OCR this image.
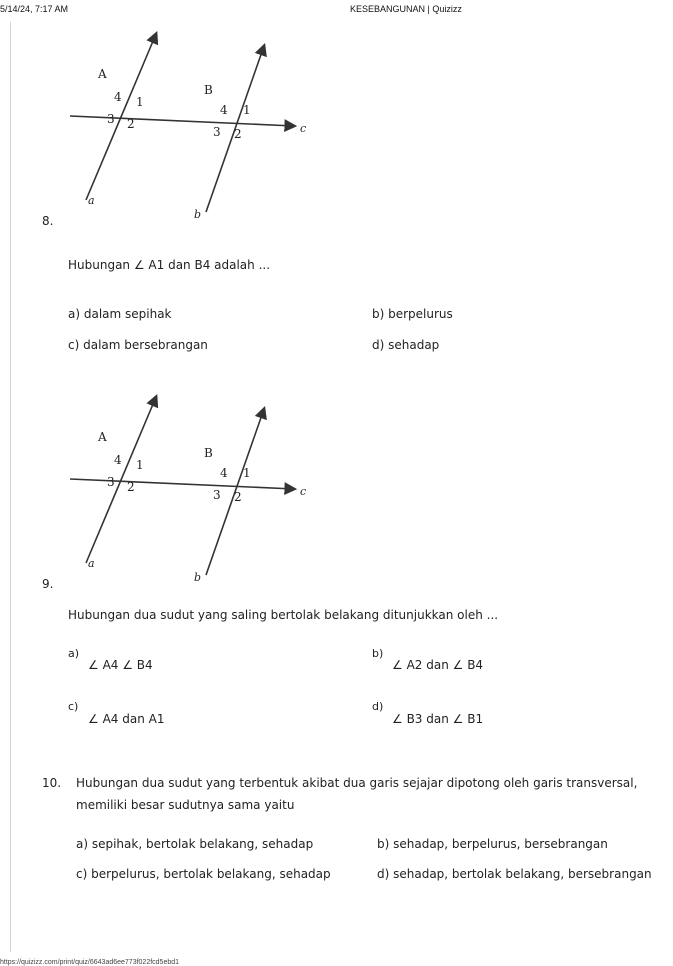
5/14/24, 7:17 AM	KESEBANGUNAN | Quizizz
A
4 1
3 2
B
4 1
3 2	c
a
b
8.
Hubungan ∠ A1 dan B4 adalah ...
a) dalam sepihak	b) berpelurus
c) dalam bersebrangan	d) sehadap
A
4 1
3 2
B
4 1
3 2	c
a
b
9.
Hubungan dua sudut yang saling bertolak belakang ditunjukkan oleh ...
a)
∠ A4 ∠ B4
b)
∠ A2 dan ∠ B4
c)
∠ A4 dan A1
d)
∠ B3 dan ∠ B1
10. Hubungan dua sudut yang terbentuk akibat dua garis sejajar dipotong oleh garis transversal,
memiliki besar sudutnya sama yaitu
a) sepihak, bertolak belakang, sehadap	b) sehadap, berpelurus, bersebrangan
c) berpelurus, bertolak belakang, sehadap	d) sehadap, bertolak belakang, bersebrangan
https://quizizz.com/print/quiz/6643ad6ee773f022fcd5ebd1
